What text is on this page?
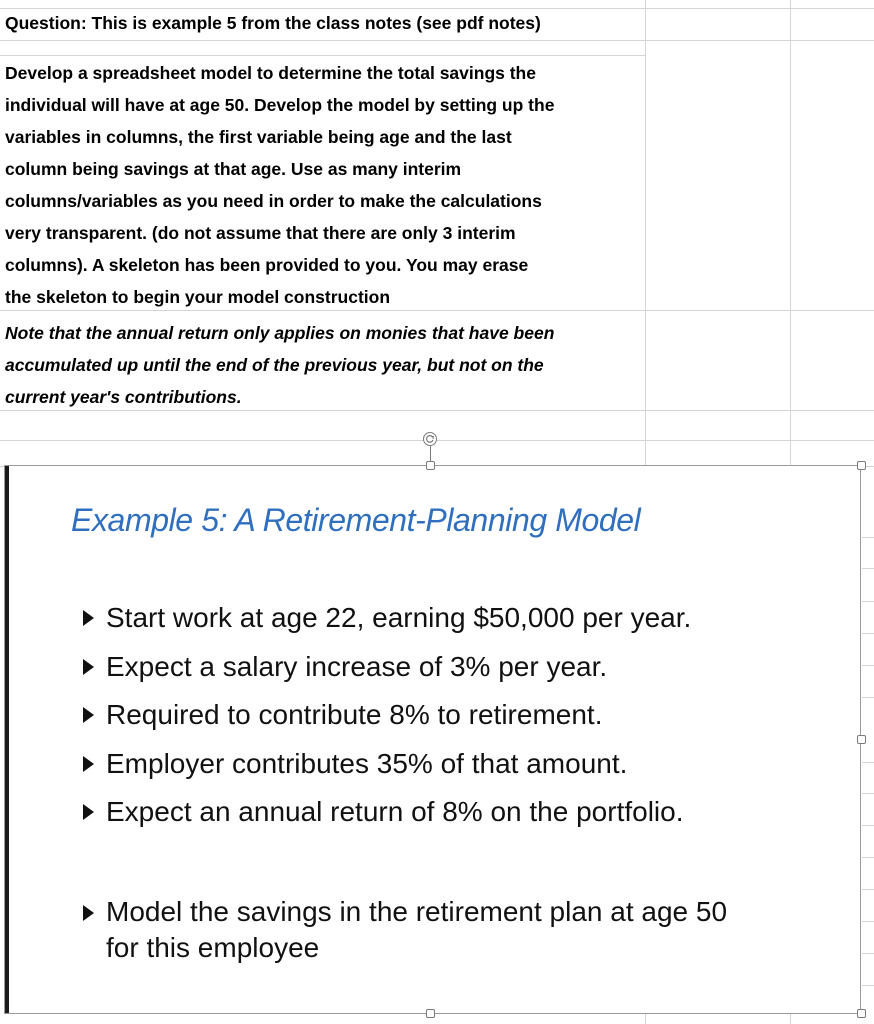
Question: This is example 5 from the class notes (see pdf notes)
Develop a spreadsheet model to determine the total savings the
individual will have at age 50. Develop the model by setting up the
variables in columns, the first variable being age and the last
column being savings at that age. Use as many interim
columns/variables as you need in order to make the calculations
very transparent. (do not assume that there are only 3 interim
columns). A skeleton has been provided to you. You may erase
the skeleton to begin your model construction
Note that the annual return only applies on monies that have been
accumulated up until the end of the previous year, but not on the
current year's contributions.
Example 5: A Retirement-Planning Model
Start work at age 22, earning $50,000 per year.
Expect a salary increase of 3% per year.
Required to contribute 8% to retirement.
Employer contributes 35% of that amount.
Expect an annual return of 8% on the portfolio.
Model the savings in the retirement plan at age 50
for this employee
